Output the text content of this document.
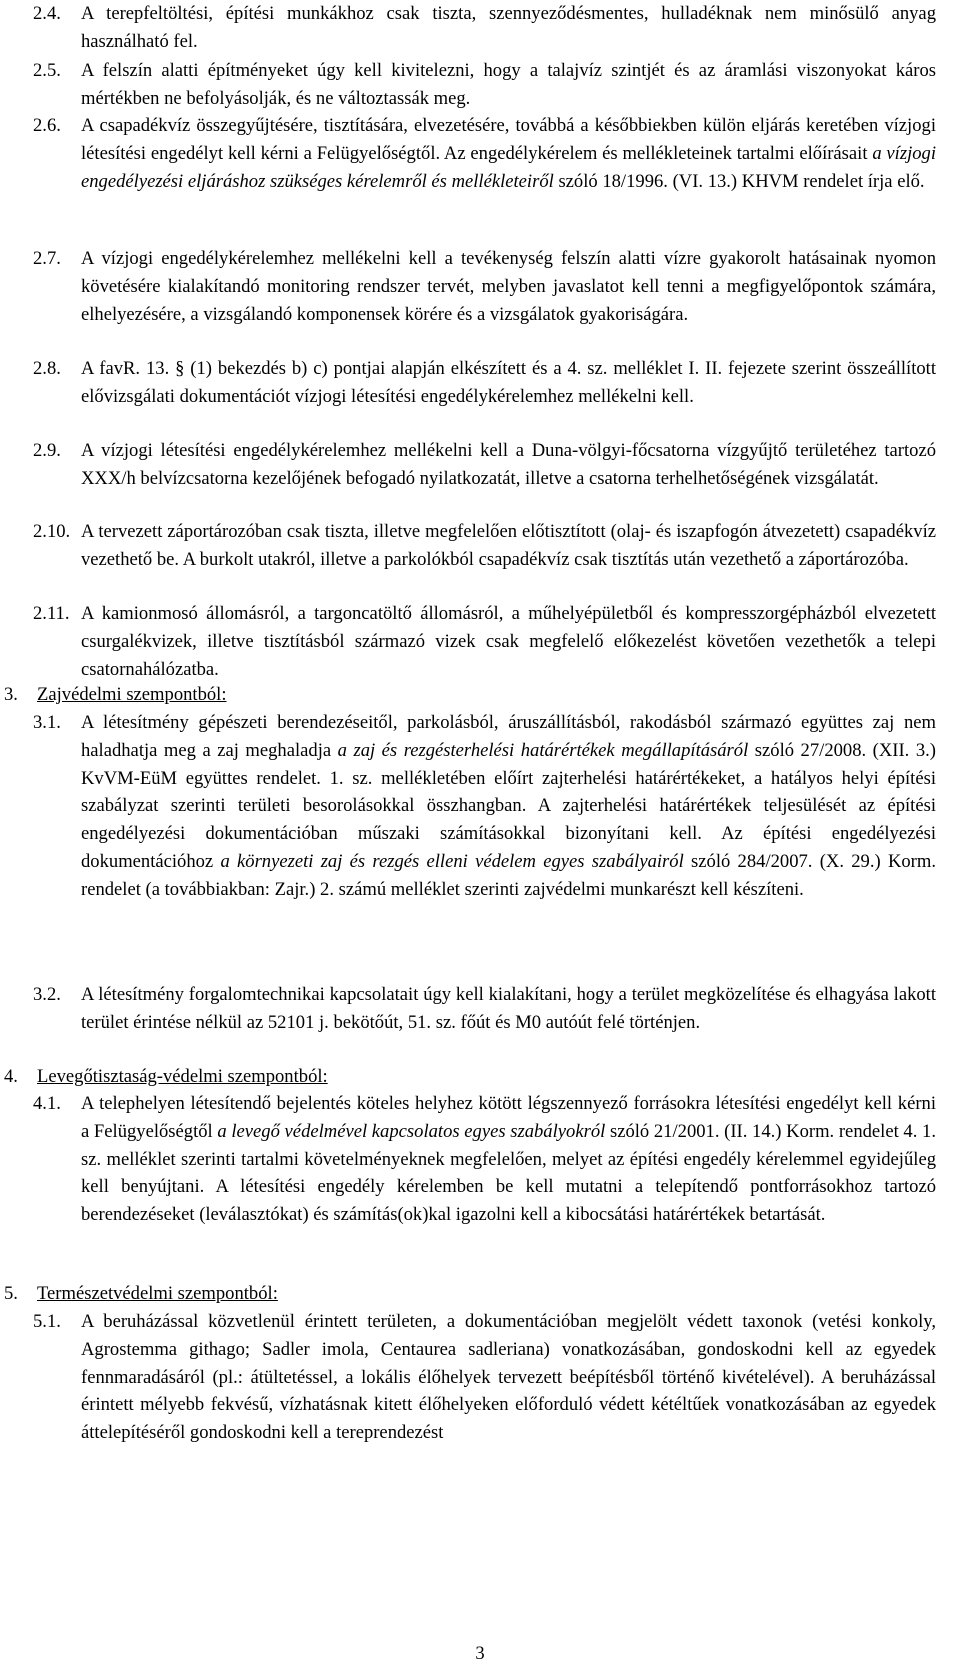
2.4. A terepfeltöltési, építési munkákhoz csak tiszta, szennyeződésmentes, hulladéknak nem minősülő anyag használható fel.
2.5. A felszín alatti építményeket úgy kell kivitelezni, hogy a talajvíz szintjét és az áramlási viszonyokat káros mértékben ne befolyásolják, és ne változtassák meg.
2.6. A csapadékvíz összegyűjtésére, tisztítására, elvezetésére, továbbá a későbbiekben külön eljárás keretében vízjogi létesítési engedélyt kell kérni a Felügyelőségtől. Az engedélykérelem és mellékleteinek tartalmi előírásait a vízjogi engedélyezési eljáráshoz szükséges kérelemről és mellékleteiről szóló 18/1996. (VI. 13.) KHVM rendelet írja elő.
2.7. A vízjogi engedélykérelemhez mellékelni kell a tevékenység felszín alatti vízre gyakorolt hatásainak nyomon követésére kialakítandó monitoring rendszer tervét, melyben javaslatot kell tenni a megfigyelőpontok számára, elhelyezésére, a vizsgálandó komponensek körére és a vizsgálatok gyakoriságára.
2.8. A favR. 13. § (1) bekezdés b) c) pontjai alapján elkészített és a 4. sz. melléklet I. II. fejezete szerint összeállított elővizsgálati dokumentációt vízjogi létesítési engedélykérelemhez mellékelni kell.
2.9. A vízjogi létesítési engedélykérelemhez mellékelni kell a Duna-völgyi-főcsatorna vízgyűjtő területéhez tartozó XXX/h belvízcsatorna kezelőjének befogadó nyilatkozatát, illetve a csatorna terhelhetőségének vizsgálatát.
2.10. A tervezett záportározóban csak tiszta, illetve megfelelően előtisztított (olaj- és iszapfogón átvezetett) csapadékvíz vezethető be. A burkolt utakról, illetve a parkolókból csapadékvíz csak tisztítás után vezethető a záportározóba.
2.11. A kamionmosó állomásról, a targoncatöltő állomásról, a műhelyépületből és kompresszorgépházból elvezetett csurgalékvizek, illetve tisztításból származó vizek csak megfelelő előkezelést követően vezethetők a telepi csatornahálózatba.
3. Zajvédelmi szempontból:
3.1. A létesítmény gépészeti berendezéseitől, parkolásból, áruszállításból, rakodásból származó együttes zaj nem haladhatja meg a zaj meghaladja a zaj és rezgésterhelési határértékek megállapításáról szóló 27/2008. (XII. 3.) KvVM-EüM együttes rendelet. 1. sz. mellékletében előírt zajterhelési határértékeket, a hatályos helyi építési szabályzat szerinti területi besorolásokkal összhangban. A zajterhelési határértékek teljesülését az építési engedélyezési dokumentációban műszaki számításokkal bizonyítani kell. Az építési engedélyezési dokumentációhoz a környezeti zaj és rezgés elleni védelem egyes szabályairól szóló 284/2007. (X. 29.) Korm. rendelet (a továbbiakban: Zajr.) 2. számú melléklet szerinti zajvédelmi munkarészt kell készíteni.
3.2. A létesítmény forgalomtechnikai kapcsolatait úgy kell kialakítani, hogy a terület megközelítése és elhagyása lakott terület érintése nélkül az 52101 j. bekötőút, 51. sz. főút és M0 autóút felé történjen.
4. Levegőtisztaság-védelmi szempontból:
4.1. A telephelyen létesítendő bejelentés köteles helyhez kötött légszennyező forrásokra létesítési engedélyt kell kérni a Felügyelőségtől a levegő védelmével kapcsolatos egyes szabályokról szóló 21/2001. (II. 14.) Korm. rendelet 4. 1. sz. melléklet szerinti tartalmi követelményeknek megfelelően, melyet az építési engedély kérelemmel egyidejűleg kell benyújtani. A létesítési engedély kérelemben be kell mutatni a telepítendő pontforrásokhoz tartozó berendezéseket (leválasztókat) és számítás(ok)kal igazolni kell a kibocsátási határértékek betartását.
5. Természetvédelmi szempontból:
5.1. A beruházással közvetlenül érintett területen, a dokumentációban megjelölt védett taxonok (vetési konkoly, Agrostemma githago; Sadler imola, Centaurea sadleriana) vonatkozásában, gondoskodni kell az egyedek fennmaradásáról (pl.: átültetéssel, a lokális élőhelyek tervezett beépítésből történő kivételével). A beruházással érintett mélyebb fekvésű, vízhatásnak kitett élőhelyeken előforduló védett kétéltűek vonatkozásában az egyedek áttelepítéséről gondoskodni kell a tereprendezést
3
